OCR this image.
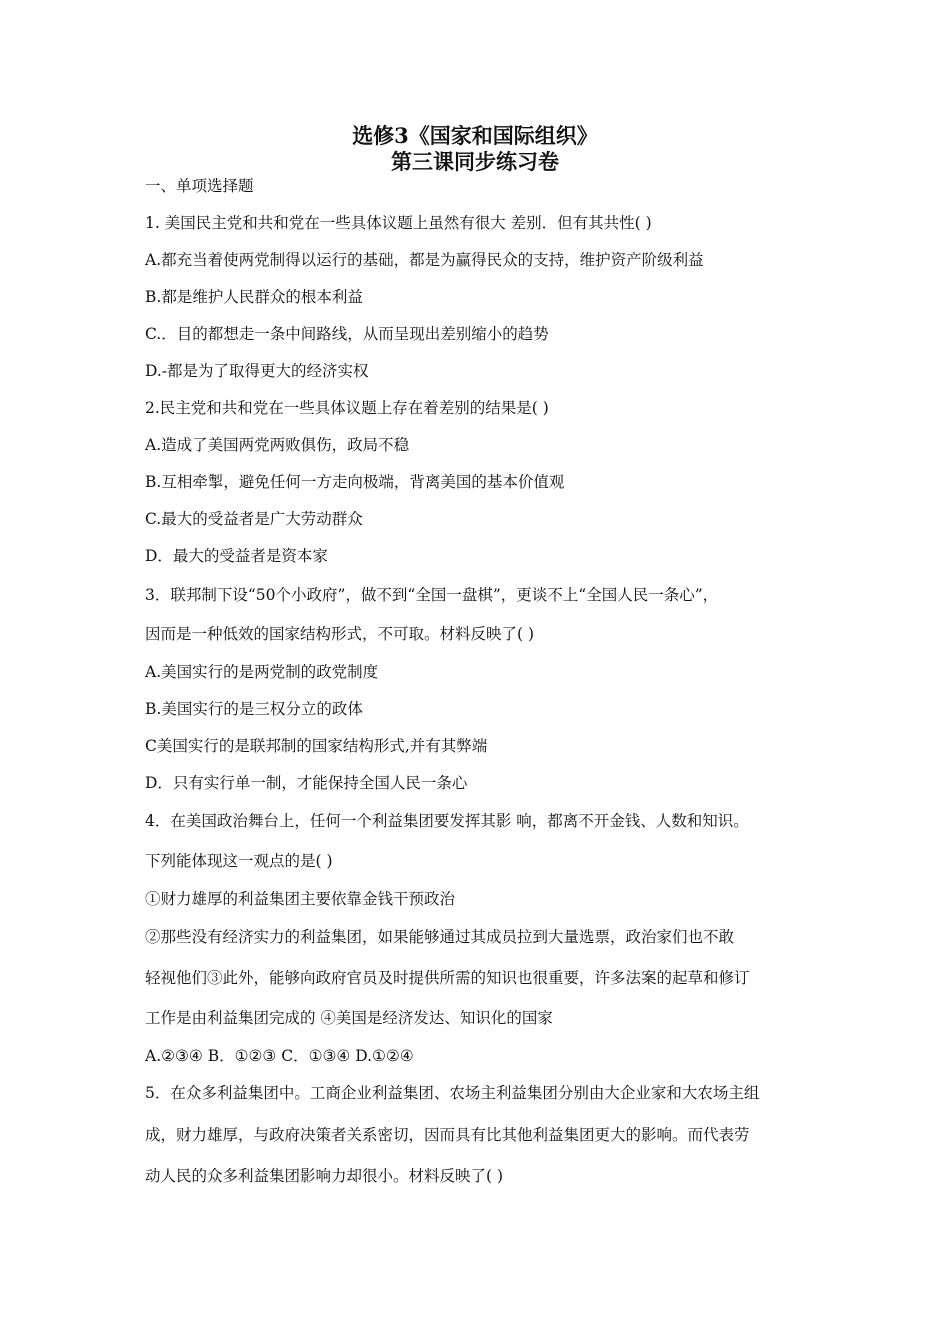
选修3《国家和国际组织》
第三课同步练习卷
一、单项选择题
1. 美国民主党和共和党在一些具体议题上虽然有很大 差别．但有其共性( )
A.都充当着使两党制得以运行的基础，都是为赢得民众的支持，维护资产阶级利益
B.都是维护人民群众的根本利益
C.．目的都想走一条中间路线，从而呈现出差别缩小的趋势
D.-都是为了取得更大的经济实权
2.民主党和共和党在一些具体议题上存在着差别的结果是( )
A.造成了美国两党两败俱伤，政局不稳
B.互相牵掣，避免任何一方走向极端，背离美国的基本价值观
C.最大的受益者是广大劳动群众
D．最大的受益者是资本家
3．联邦制下设“50个小政府”，做不到“全国一盘棋”，更谈不上“全国人民一条心”，
因而是一种低效的国家结构形式，不可取。材料反映了( )
A.美国实行的是两党制的政党制度
B.美国实行的是三权分立的政体
C美国实行的是联邦制的国家结构形式,并有其弊端
D．只有实行单一制，才能保持全国人民一条心
4．在美国政治舞台上，任何一个利益集团要发挥其影 响，都离不开金钱、人数和知识。
下列能体现这一观点的是( )
①财力雄厚的利益集团主要依靠金钱干预政治
②那些没有经济实力的利益集团，如果能够通过其成员拉到大量选票，政治家们也不敢
轻视他们③此外，能够向政府官员及时提供所需的知识也很重要，许多法案的起草和修订
工作是由利益集团完成的 ④美国是经济发达、知识化的国家
A.②③④ B．①②③ C．①③④ D.①②④
5．在众多利益集团中。工商企业利益集团、农场主利益集团分别由大企业家和大农场主组
成，财力雄厚，与政府决策者关系密切，因而具有比其他利益集团更大的影响。而代表劳
动人民的众多利益集团影响力却很小。材料反映了( )
